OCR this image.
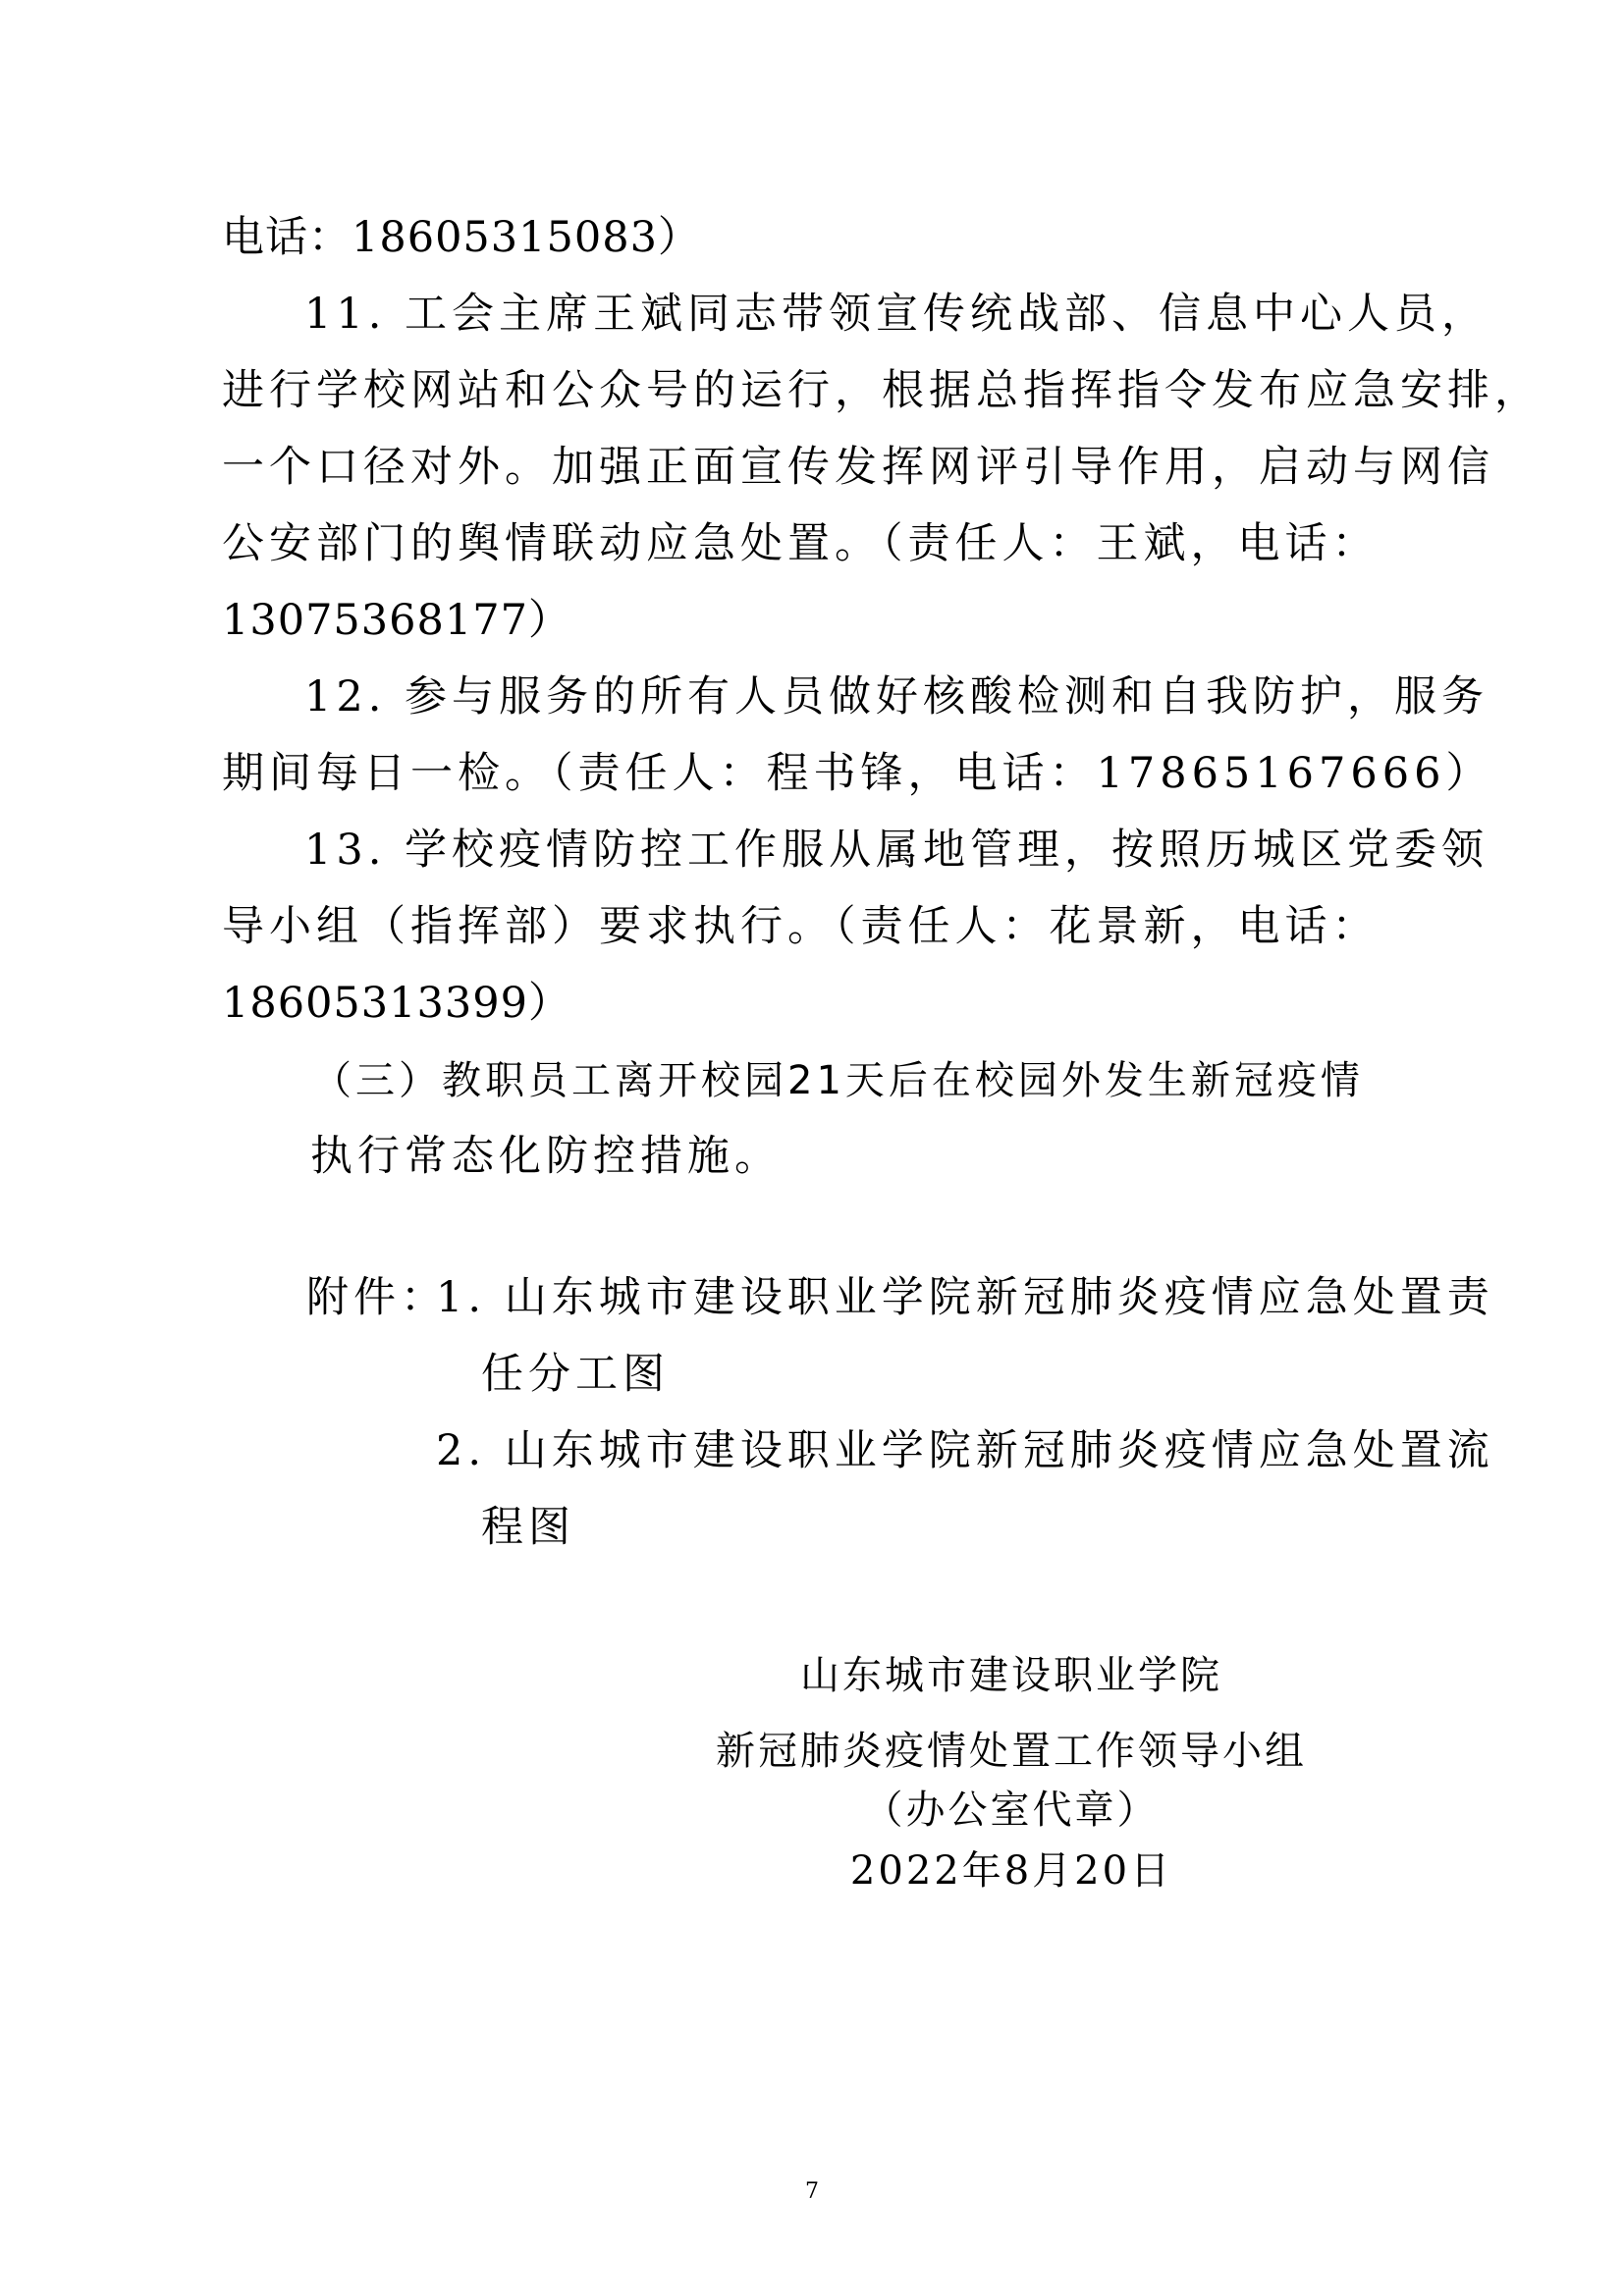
电话：18605315083）
11. 工会主席王斌同志带领宣传统战部、信息中心人员，
进行学校网站和公众号的运行，根据总指挥指令发布应急安排，
一个口径对外。加强正面宣传发挥网评引导作用，启动与网信
公安部门的舆情联动应急处置。（责任人：王斌，电话：
13075368177）
12. 参与服务的所有人员做好核酸检测和自我防护，服务
期间每日一检。（责任人：程书锋，电话：17865167666）
13. 学校疫情防控工作服从属地管理，按照历城区党委领
导小组（指挥部）要求执行。（责任人：花景新，电话：
18605313399）
（三）教职员工离开校园21天后在校园外发生新冠疫情
执行常态化防控措施。
附件：
1. 山东城市建设职业学院新冠肺炎疫情应急处置责
任分工图
2. 山东城市建设职业学院新冠肺炎疫情应急处置流
程图
山东城市建设职业学院
新冠肺炎疫情处置工作领导小组
（办公室代章）
2022年8月20日
7
